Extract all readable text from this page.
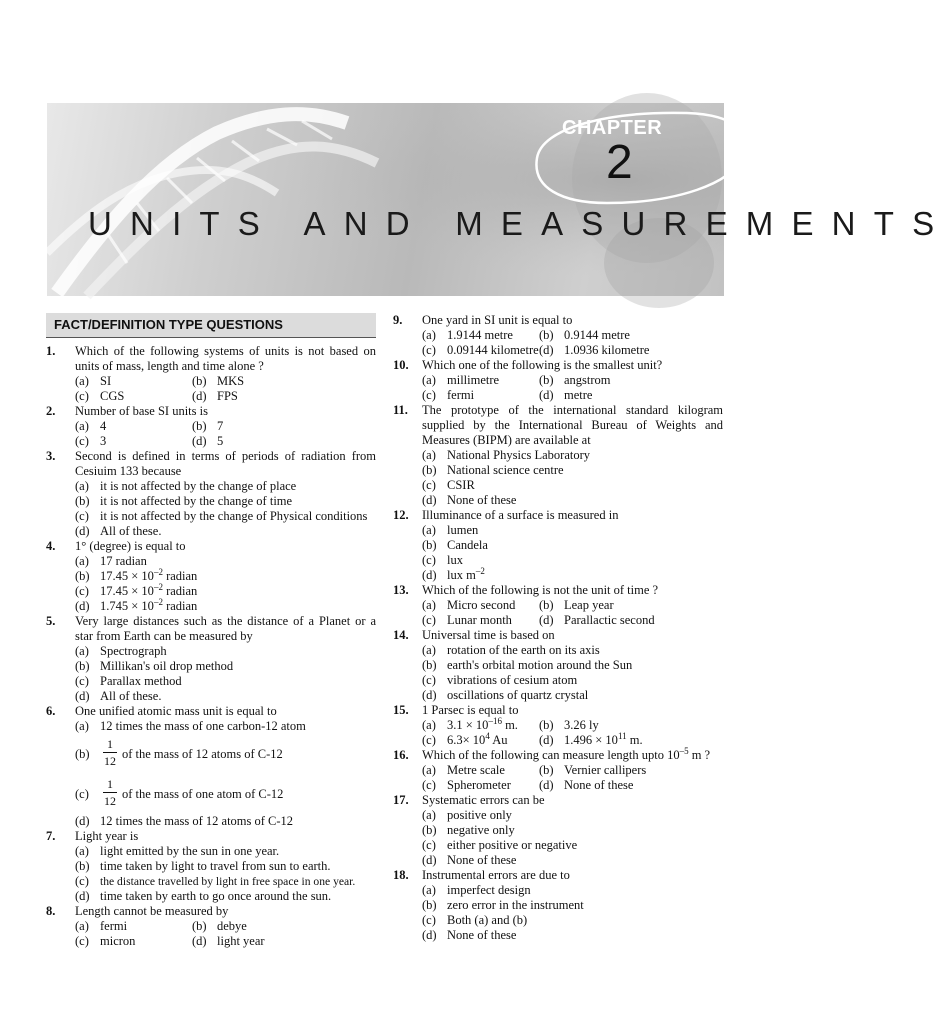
CHAPTER
2
UNITS AND MEASUREMENTS
FACT/DEFINITION TYPE QUESTIONS
1. Which of the following systems of units is not based on units of mass, length and time alone ?
(a) SI	(b) MKS
(c) CGS	(d) FPS
2. Number of base SI units is
(a) 4	(b) 7
(c) 3	(d) 5
3. Second is defined in terms of periods of radiation from Cesiuim 133 because
(a) it is not affected by the change of place
(b) it is not affected by the change of time
(c) it is not affected by the change of Physical conditions
(d) All of these.
4. 1° (degree) is equal to
(a) 17 radian
(b) $17.45 \times 10^{-2}$ radian
(c) $17.45 \times 10^{-2}$ radian
(d) $1.745 \times 10^{-2}$ radian
5. Very large distances such as the distance of a Planet or a star from Earth can be measured by
(a) Spectrograph
(b) Millikan's oil drop method
(c) Parallax method
(d) All of these.
6. One unified atomic mass unit is equal to
(a) 12 times the mass of one carbon-12 atom
$(b) \frac{1}{12}$ of the mass of 12 atoms of C-12
$(c) \frac{1}{12}$ of the mass of one atom of C-12
(d) 12 times the mass of 12 atoms of C-12
7. Light year is
(a) light emitted by the sun in one year.
(b) time taken by light to travel from sun to earth.
(c) the distance travelled by light in free space in one year.
(d) time taken by earth to go once around the sun.
8. Length cannot be measured by
(a) fermi	(b) debye
(c) micron	(d) light year
9. One yard in SI unit is equal to
(a) 1.9144 metre	(b) 0.9144 metre
(c) 0.09144 kilometre (d) 1.0936 kilometre
10. Which one of the following is the smallest unit?
(a) millimetre	(b) angstrom
(c) fermi	(d) metre
11. The prototype of the international standard kilogram supplied by the International Bureau of Weights and Measures (BIPM) are available at
(a) National Physics Laboratory
(b) National science centre
(c) CSIR
(d) None of these
12. Illuminance of a surface is measured in
(a) lumen
(b) Candela
(c) lux
(d) lux $m^{-2}$
13. Which of the following is not the unit of time ?
(a) Micro second	(b) Leap year
(c) Lunar month	(d) Parallactic second
14. Universal time is based on
(a) rotation of the earth on its axis
(b) earth's orbital motion around the Sun
(c) vibrations of cesium atom
(d) oscillations of quartz crystal
15. 1 Parsec is equal to
(a) $3.1 \times 10^{-16}$ m.	(b) 3.26 ly
(c) $6.3\times 10^4$ Au	(d) $1.496 \times 10^{11}$ m.
16. Which of the following can measure length upto $10^{-5}$ m ?
(a) Metre scale	(b) Vernier callipers
(c) Spherometer	(d) None of these
17. Systematic errors can be
(a) positive only
(b) negative only
(c) either positive or negative
(d) None of these
18. Instrumental errors are due to
(a) imperfect design
(b) zero error in the instrument
(c) Both (a) and (b)
(d) None of these
